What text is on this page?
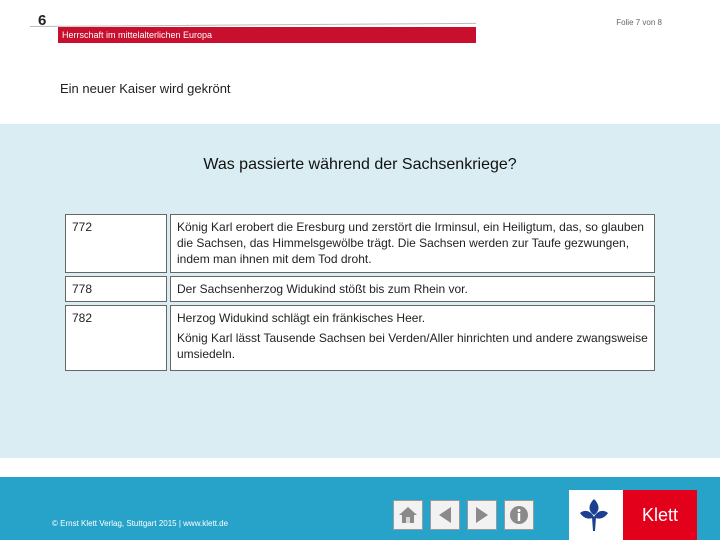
6	Folie 7 von 8
Herrschaft im mittelalterlichen Europa
Ein neuer Kaiser wird gekrönt
Was passierte während der Sachsenkriege?
772	König Karl erobert die Eresburg und zerstört die Irminsul, ein Heiligtum, das, so glauben die Sachsen, das Himmelsgewölbe trägt. Die Sachsen werden zur Taufe gezwungen, indem man ihnen mit dem Tod droht.

778	Der Sachsenherzog Widukind stößt bis zum Rhein vor.

782	Herzog Widukind schlägt ein fränkisches Heer.
König Karl lässt Tausende Sachsen bei Verden/Aller hinrichten und andere zwangsweise umsiedeln.
© Ernst Klett Verlag, Stuttgart 2015 | www.klett.de	Klett
